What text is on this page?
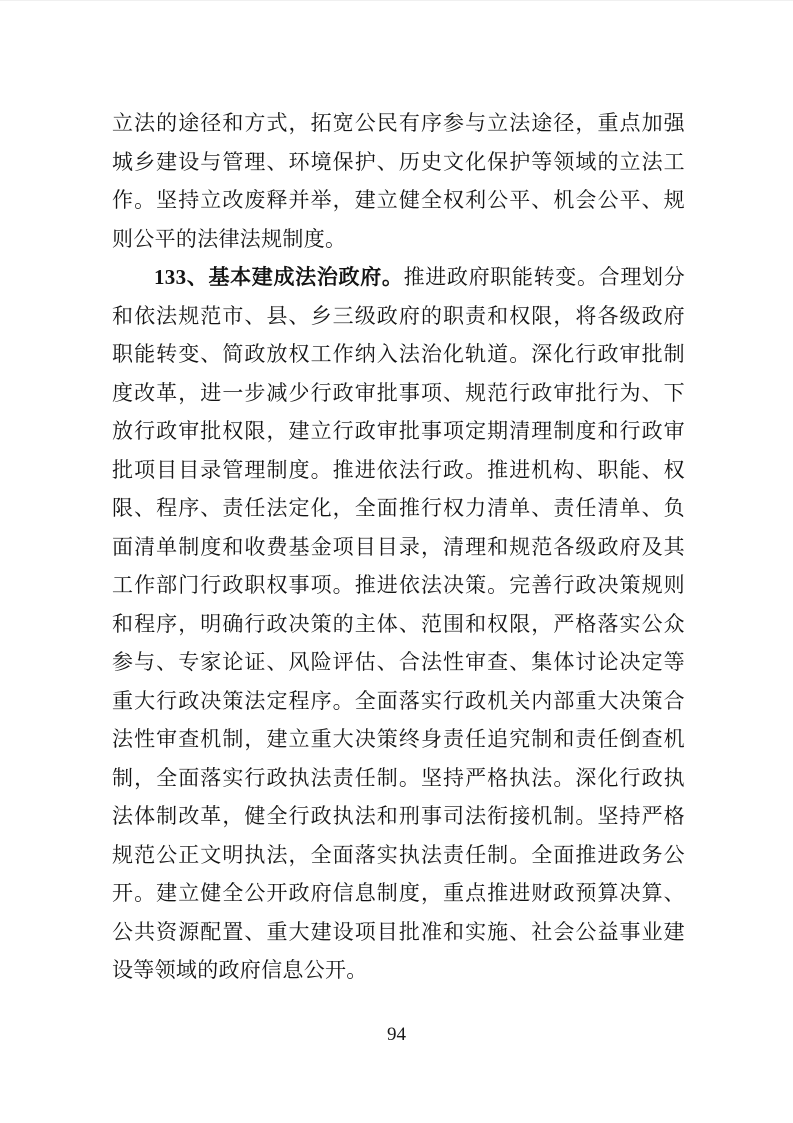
立法的途径和方式，拓宽公民有序参与立法途径，重点加强城乡建设与管理、环境保护、历史文化保护等领域的立法工作。坚持立改废释并举，建立健全权利公平、机会公平、规则公平的法律法规制度。

133、基本建成法治政府。推进政府职能转变。合理划分和依法规范市、县、乡三级政府的职责和权限，将各级政府职能转变、简政放权工作纳入法治化轨道。深化行政审批制度改革，进一步减少行政审批事项、规范行政审批行为、下放行政审批权限，建立行政审批事项定期清理制度和行政审批项目目录管理制度。推进依法行政。推进机构、职能、权限、程序、责任法定化，全面推行权力清单、责任清单、负面清单制度和收费基金项目目录，清理和规范各级政府及其工作部门行政职权事项。推进依法决策。完善行政决策规则和程序，明确行政决策的主体、范围和权限，严格落实公众参与、专家论证、风险评估、合法性审查、集体讨论决定等重大行政决策法定程序。全面落实行政机关内部重大决策合法性审查机制，建立重大决策终身责任追究制和责任倒查机制，全面落实行政执法责任制。坚持严格执法。深化行政执法体制改革，健全行政执法和刑事司法衔接机制。坚持严格规范公正文明执法，全面落实执法责任制。全面推进政务公开。建立健全公开政府信息制度，重点推进财政预算决算、公共资源配置、重大建设项目批准和实施、社会公益事业建设等领域的政府信息公开。

94
